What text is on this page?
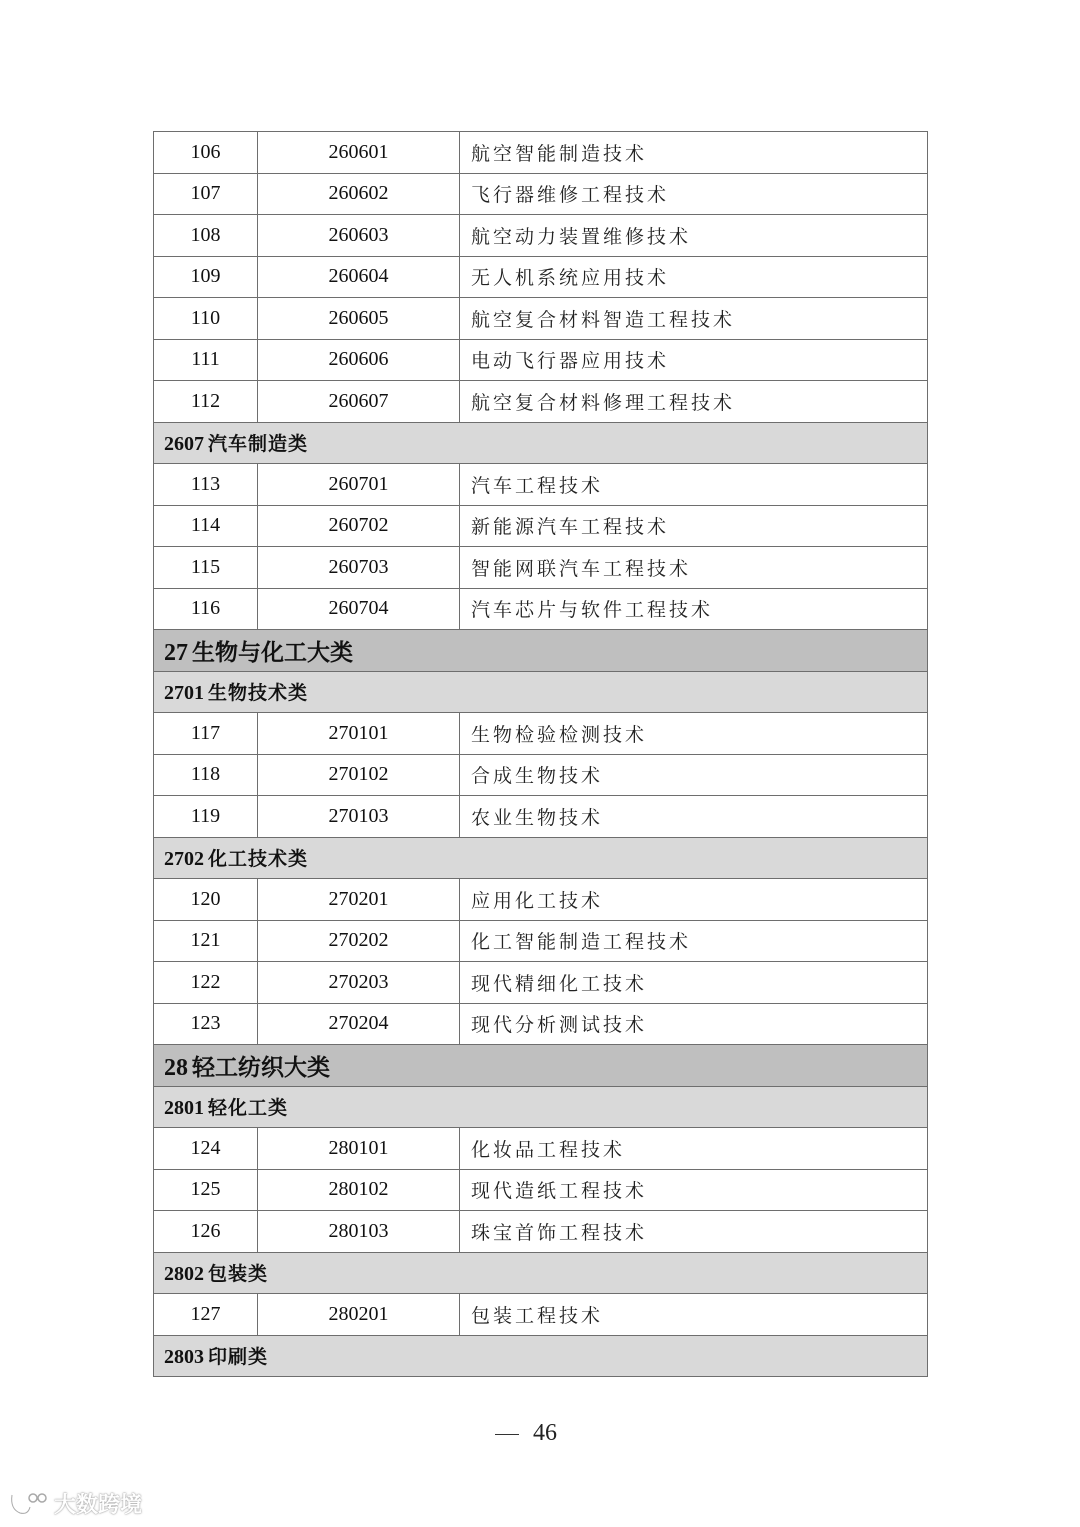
106	260601	航空智能制造技术
107	260602	飞行器维修工程技术
108	260603	航空动力装置维修技术
109	260604	无人机系统应用技术
110	260605	航空复合材料智造工程技术
111	260606	电动飞行器应用技术
112	260607	航空复合材料修理工程技术
2607 汽车制造类		
113	260701	汽车工程技术
114	260702	新能源汽车工程技术
115	260703	智能网联汽车工程技术
116	260704	汽车芯片与软件工程技术
27 生物与化工大类		
2701 生物技术类		
117	270101	生物检验检测技术
118	270102	合成生物技术
119	270103	农业生物技术
2702 化工技术类		
120	270201	应用化工技术
121	270202	化工智能制造工程技术
122	270203	现代精细化工技术
123	270204	现代分析测试技术
28 轻工纺织大类		
2801 轻化工类		
124	280101	化妆品工程技术
125	280102	现代造纸工程技术
126	280103	珠宝首饰工程技术
2802 包装类		
127	280201	包装工程技术
2803 印刷类		
46
大数跨境
